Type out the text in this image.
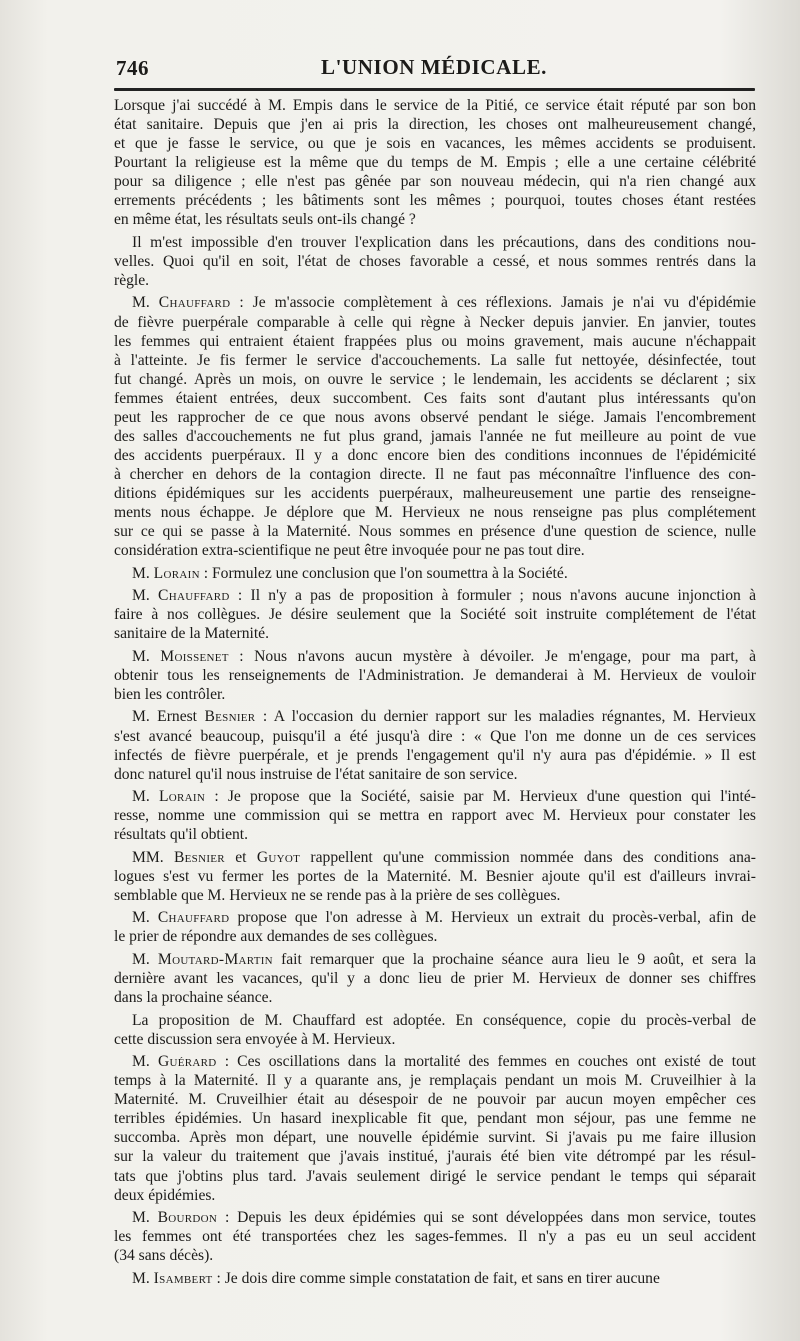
746	L'UNION MÉDICALE.

Lorsque j'ai succédé à M. Empis dans le service de la Pitié, ce service était réputé par son bon
état sanitaire. Depuis que j'en ai pris la direction, les choses ont malheureusement changé,
et que je fasse le service, ou que je sois en vacances, les mêmes accidents se produisent.
Pourtant la religieuse est la même que du temps de M. Empis ; elle a une certaine célébrité
pour sa diligence ; elle n'est pas gênée par son nouveau médecin, qui n'a rien changé aux
errements précédents ; les bâtiments sont les mêmes ; pourquoi, toutes choses étant restées
en même état, les résultats seuls ont-ils changé ?

Il m'est impossible d'en trouver l'explication dans les précautions, dans des conditions nou-
velles. Quoi qu'il en soit, l'état de choses favorable a cessé, et nous sommes rentrés dans la
règle.

M. Chauffard : Je m'associe complètement à ces réflexions. Jamais je n'ai vu d'épidémie
de fièvre puerpérale comparable à celle qui règne à Necker depuis janvier. En janvier, toutes
les femmes qui entraient étaient frappées plus ou moins gravement, mais aucune n'échappait
à l'atteinte. Je fis fermer le service d'accouchements. La salle fut nettoyée, désinfectée, tout
fut changé. Après un mois, on ouvre le service ; le lendemain, les accidents se déclarent ; six
femmes étaient entrées, deux succombent. Ces faits sont d'autant plus intéressants qu'on
peut les rapprocher de ce que nous avons observé pendant le siége. Jamais l'encombrement
des salles d'accouchements ne fut plus grand, jamais l'année ne fut meilleure au point de vue
des accidents puerpéraux. Il y a donc encore bien des conditions inconnues de l'épidémicité
à chercher en dehors de la contagion directe. Il ne faut pas méconnaître l'influence des con-
ditions épidémiques sur les accidents puerpéraux, malheureusement une partie des renseigne-
ments nous échappe. Je déplore que M. Hervieux ne nous renseigne pas plus complétement
sur ce qui se passe à la Maternité. Nous sommes en présence d'une question de science, nulle
considération extra-scientifique ne peut être invoquée pour ne pas tout dire.

M. Lorain : Formulez une conclusion que l'on soumettra à la Société.

M. Chauffard : Il n'y a pas de proposition à formuler ; nous n'avons aucune injonction à
faire à nos collègues. Je désire seulement que la Société soit instruite complétement de l'état
sanitaire de la Maternité.

M. Moissenet : Nous n'avons aucun mystère à dévoiler. Je m'engage, pour ma part, à
obtenir tous les renseignements de l'Administration. Je demanderai à M. Hervieux de vouloir
bien les contrôler.

M. Ernest Besnier : A l'occasion du dernier rapport sur les maladies régnantes, M. Hervieux
s'est avancé beaucoup, puisqu'il a été jusqu'à dire : « Que l'on me donne un de ces services
infectés de fièvre puerpérale, et je prends l'engagement qu'il n'y aura pas d'épidémie. » Il est
donc naturel qu'il nous instruise de l'état sanitaire de son service.

M. Lorain : Je propose que la Société, saisie par M. Hervieux d'une question qui l'inté-
resse, nomme une commission qui se mettra en rapport avec M. Hervieux pour constater les
résultats qu'il obtient.

MM. Besnier et Guyot rappellent qu'une commission nommée dans des conditions ana-
logues s'est vu fermer les portes de la Maternité. M. Besnier ajoute qu'il est d'ailleurs invrai-
semblable que M. Hervieux ne se rende pas à la prière de ses collègues.

M. Chauffard propose que l'on adresse à M. Hervieux un extrait du procès-verbal, afin de
le prier de répondre aux demandes de ses collègues.

M. Moutard-Martin fait remarquer que la prochaine séance aura lieu le 9 août, et sera la
dernière avant les vacances, qu'il y a donc lieu de prier M. Hervieux de donner ses chiffres
dans la prochaine séance.

La proposition de M. Chauffard est adoptée. En conséquence, copie du procès-verbal de
cette discussion sera envoyée à M. Hervieux.

M. Guérard : Ces oscillations dans la mortalité des femmes en couches ont existé de tout
temps à la Maternité. Il y a quarante ans, je remplaçais pendant un mois M. Cruveilhier à la
Maternité. M. Cruveilhier était au désespoir de ne pouvoir par aucun moyen empêcher ces
terribles épidémies. Un hasard inexplicable fit que, pendant mon séjour, pas une femme ne
succomba. Après mon départ, une nouvelle épidémie survint. Si j'avais pu me faire illusion
sur la valeur du traitement que j'avais institué, j'aurais été bien vite détrompé par les résul-
tats que j'obtins plus tard. J'avais seulement dirigé le service pendant le temps qui séparait
deux épidémies.

M. Bourdon : Depuis les deux épidémies qui se sont développées dans mon service, toutes
les femmes ont été transportées chez les sages-femmes. Il n'y a pas eu un seul accident
(34 sans décès).

M. Isambert : Je dois dire comme simple constatation de fait, et sans en tirer aucune
